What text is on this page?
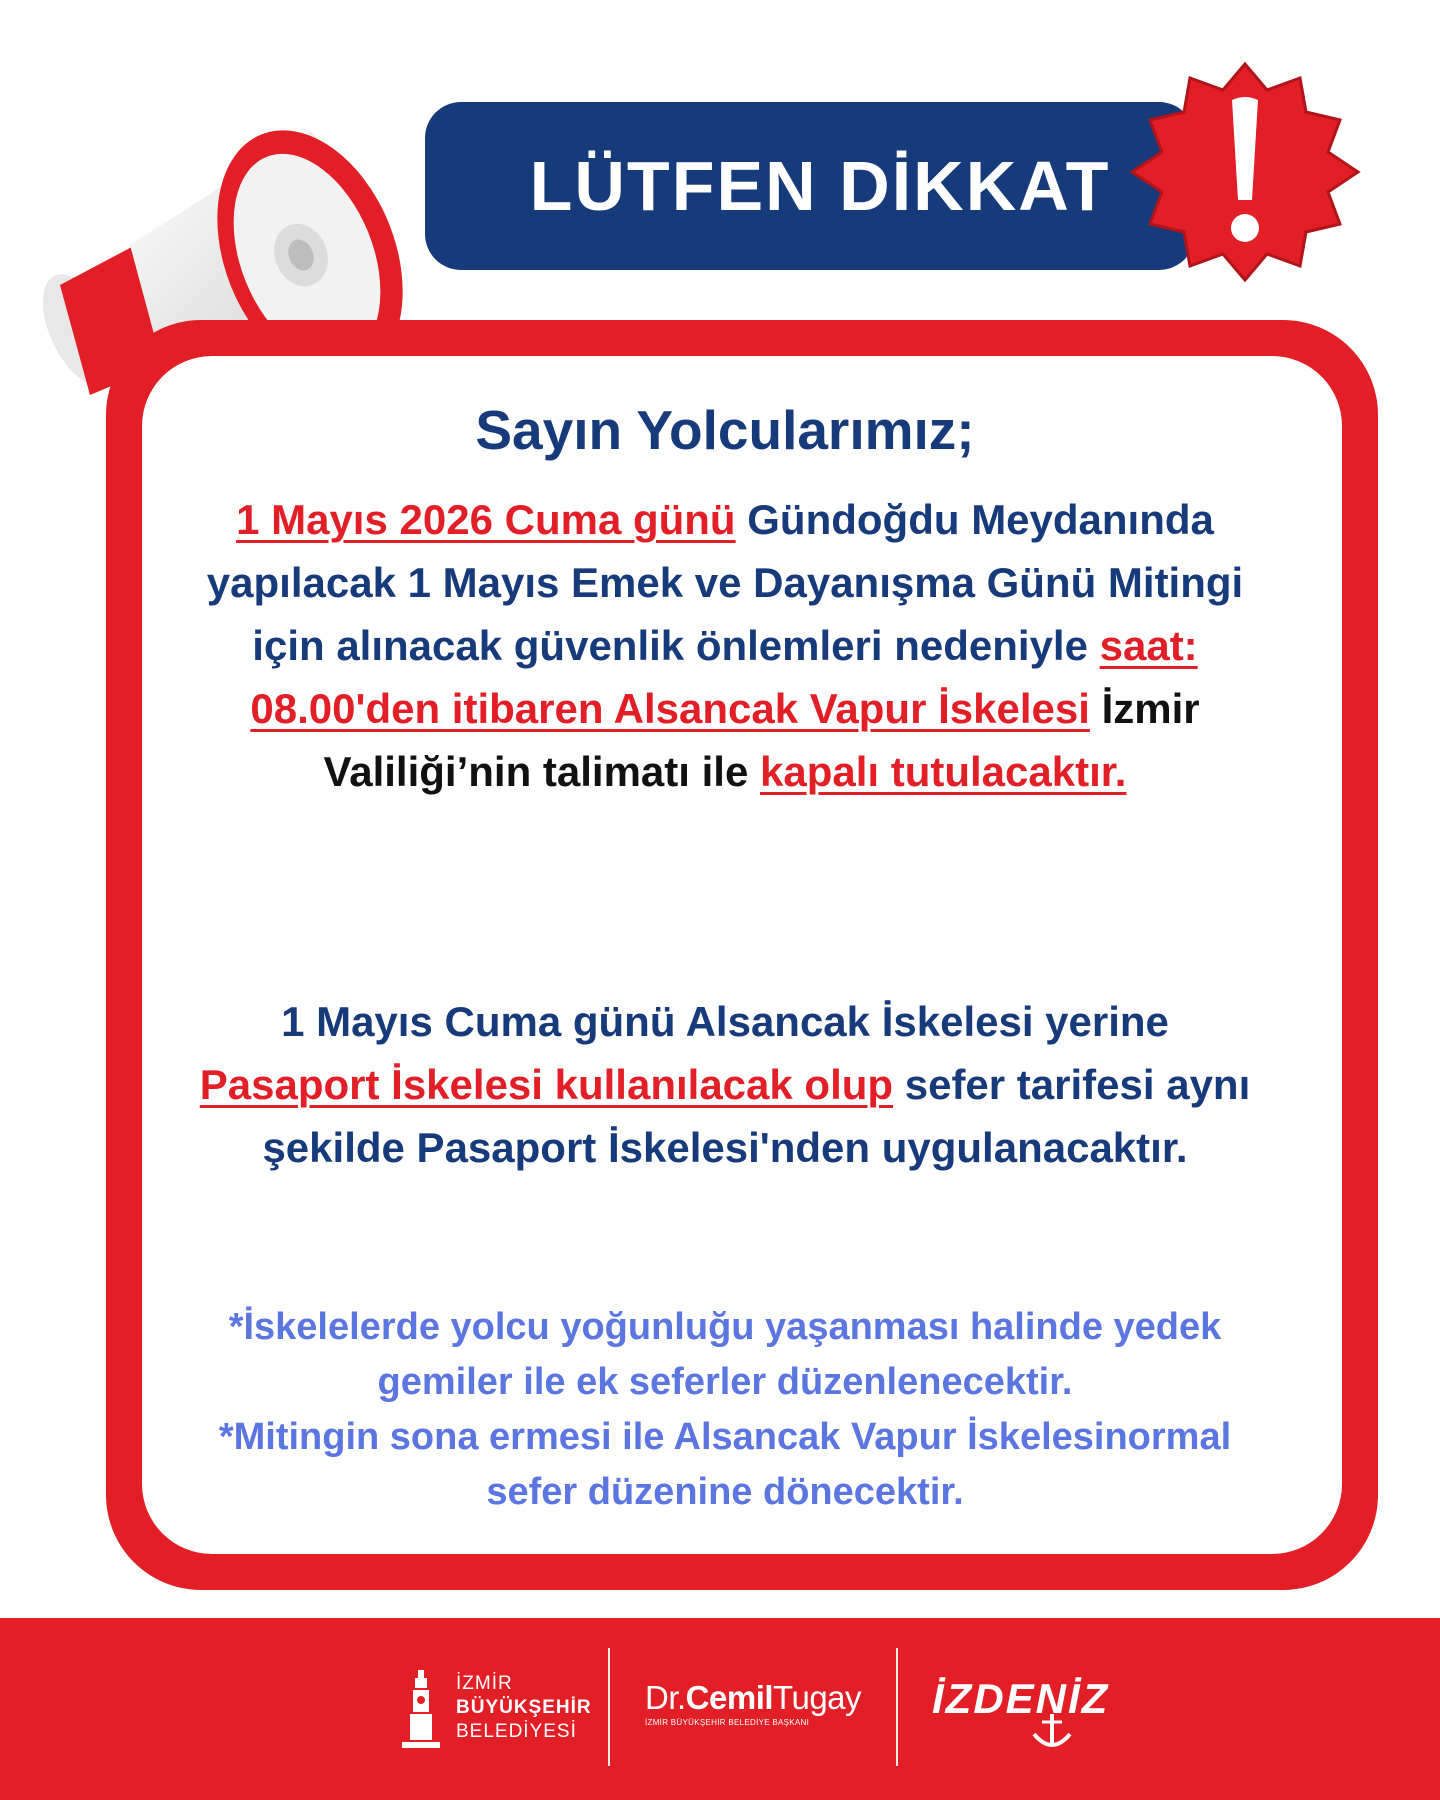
LÜTFEN DİKKAT
Sayın Yolcularımız;
1 Mayıs 2026 Cuma günü Gündoğdu Meydanında yapılacak 1 Mayıs Emek ve Dayanışma Günü Mitingi için alınacak güvenlik önlemleri nedeniyle saat: 08.00'den itibaren Alsancak Vapur İskelesi İzmir Valiliği’nin talimatı ile kapalı tutulacaktır.
1 Mayıs Cuma günü Alsancak İskelesi yerine Pasaport İskelesi kullanılacak olup sefer tarifesi aynı şekilde Pasaport İskelesi'nden uygulanacaktır.
*İskelelerde yolcu yoğunluğu yaşanması halinde yedek gemiler ile ek seferler düzenlenecektir.
*Mitingin sona ermesi ile Alsancak Vapur İskelesinormal sefer düzenine dönecektir.
İZMİR
BÜYÜKŞEHİR
BELEDİYESİ
Dr.CemilTugay
İZMİR BÜYÜKŞEHİR BELEDİYE BAŞKANI
İZDENİZ
